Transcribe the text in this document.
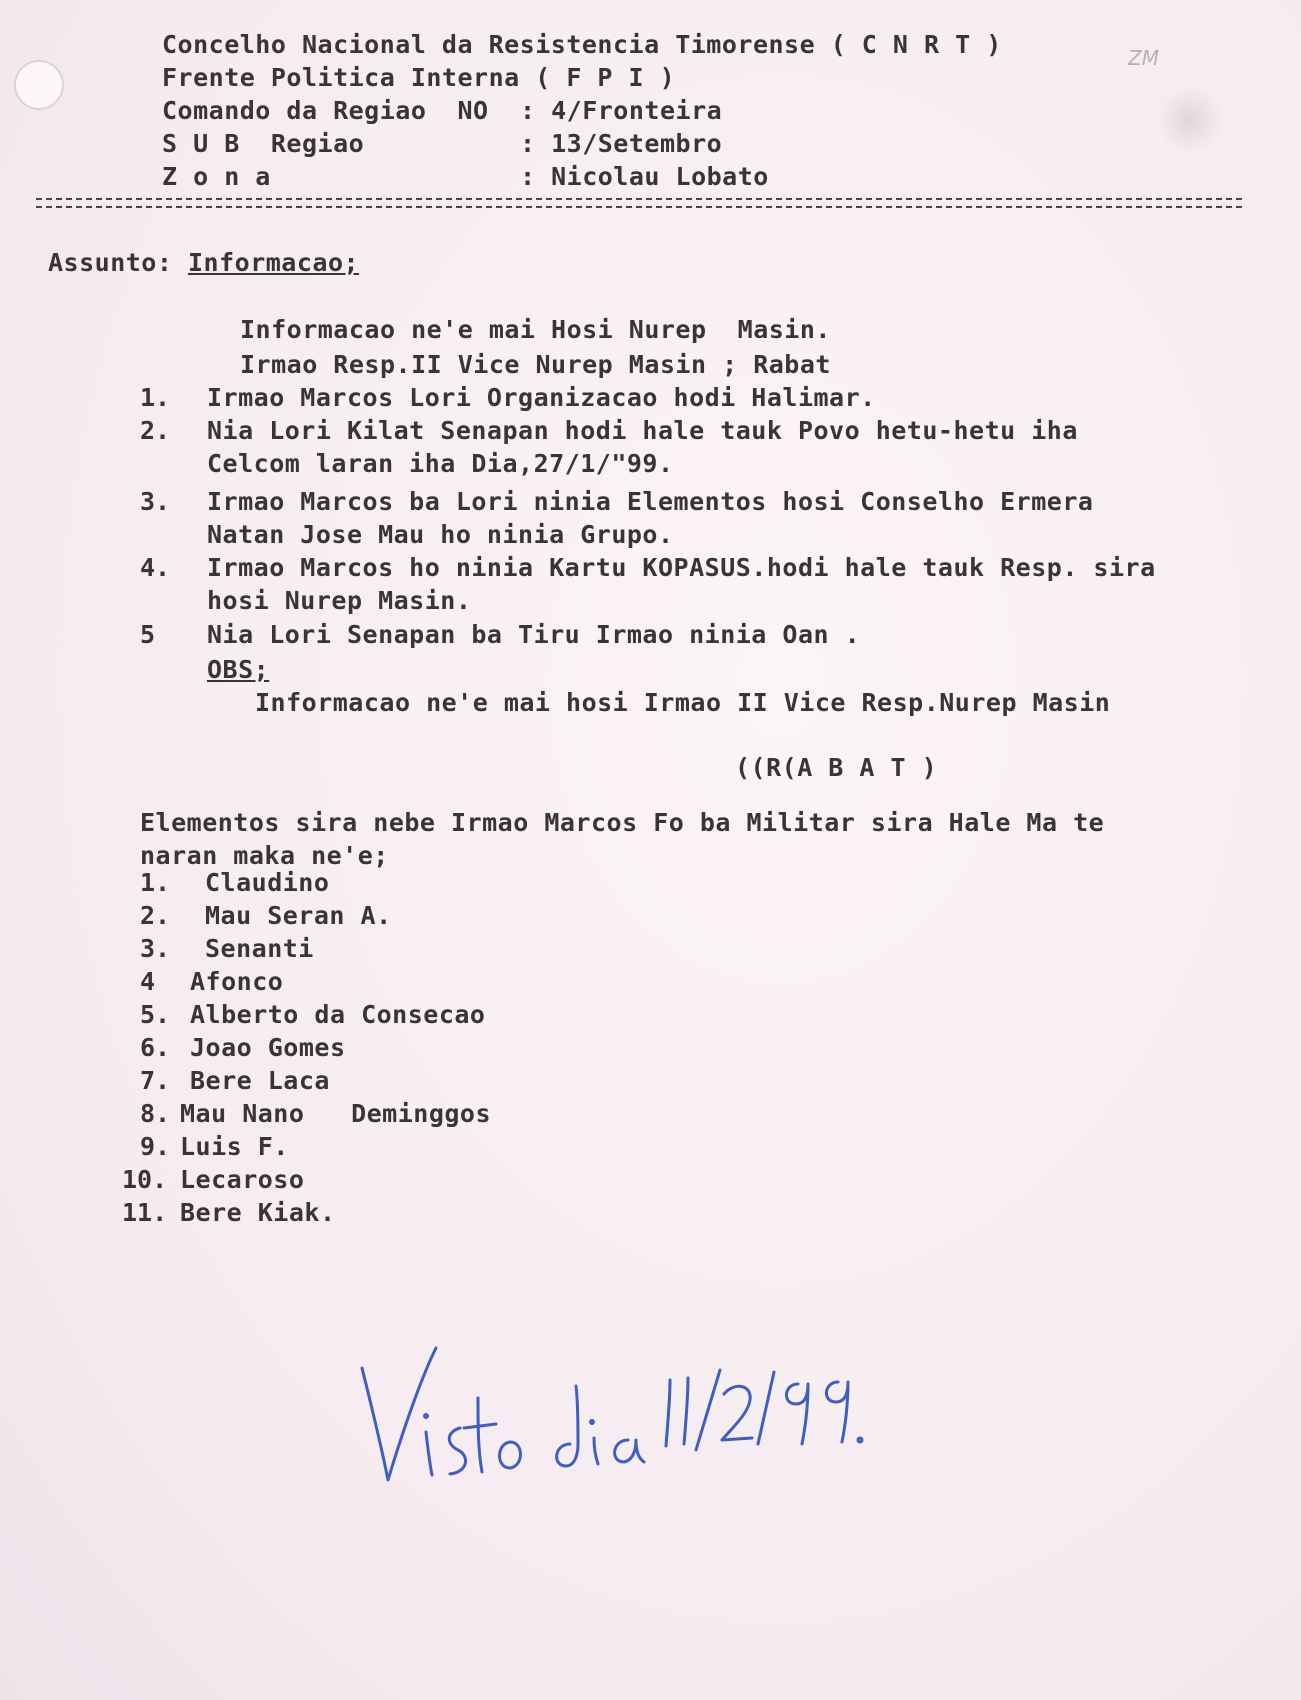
ZM
Concelho Nacional da Resistencia Timorense ( C N R T )
Frente Politica Interna ( F P I )
Comando da Regiao  NO : 4/Fronteira
S U B  Regiao	: 13/Setembro
Z o n a	: Nicolau Lobato
Assunto: Informacao;
Informacao ne'e mai Hosi Nurep  Masin.
Irmao Resp.II Vice Nurep Masin ; Rabat
1. Irmao Marcos Lori Organizacao hodi Halimar.
2. Nia Lori Kilat Senapan hodi hale tauk Povo hetu-hetu iha
Celcom laran iha Dia,27/1/"99.
3. Irmao Marcos ba Lori ninia Elementos hosi Conselho Ermera
Natan Jose Mau ho ninia Grupo.
4. Irmao Marcos ho ninia Kartu KOPASUS.hodi hale tauk Resp. sira
hosi Nurep Masin.
5 Nia Lori Senapan ba Tiru Irmao ninia Oan .
OBS;
Informacao ne'e mai hosi Irmao II Vice Resp.Nurep Masin
((R(A B A T )
Elementos sira nebe Irmao Marcos Fo ba Militar sira Hale Ma te
naran maka ne'e;
1. Claudino
2. Mau Seran A.
3. Senanti
4 Afonco
5. Alberto da Consecao
6. Joao Gomes
7. Bere Laca
8. Mau Nano   Deminggos
9. Luis F.
10. Lecaroso
11. Bere Kiak.
